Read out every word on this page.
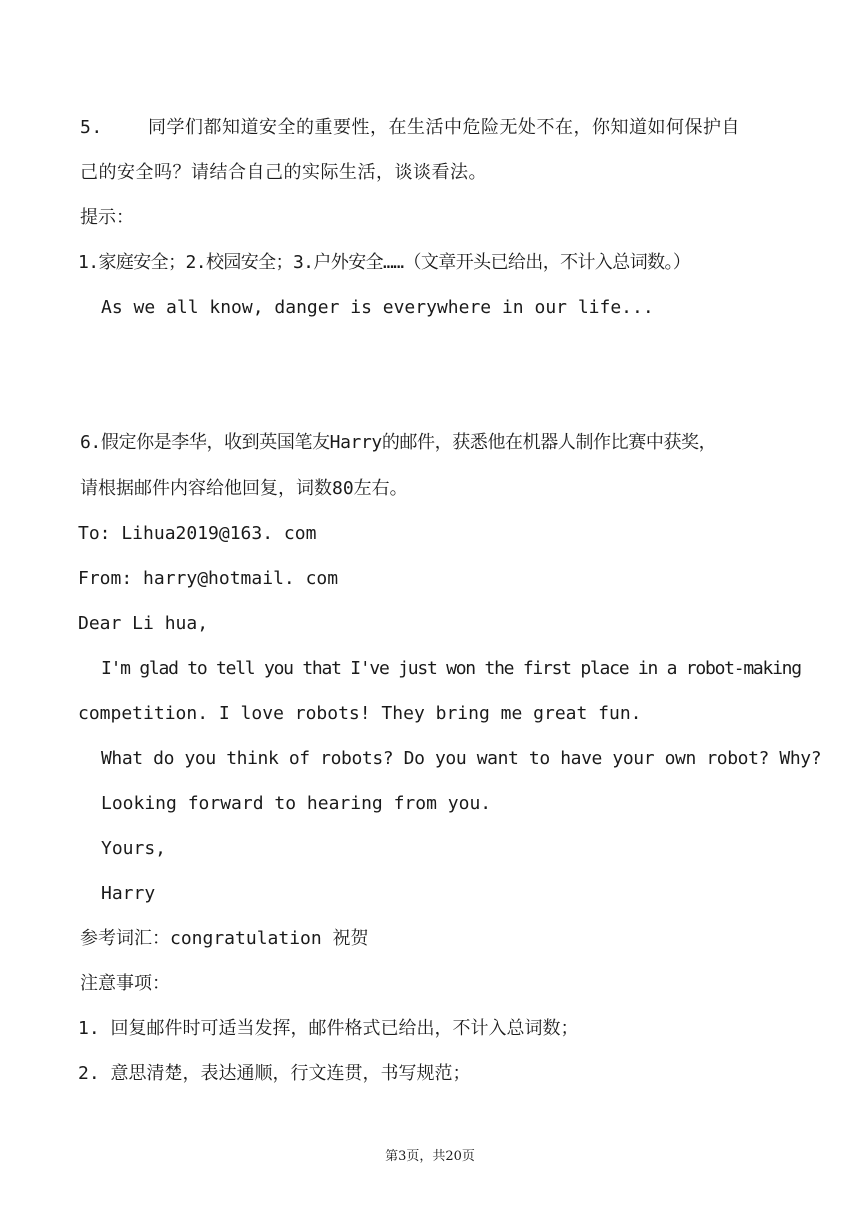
5.    同学们都知道安全的重要性，在生活中危险无处不在，你知道如何保护自
己的安全吗？请结合自己的实际生活，谈谈看法。
提示：
1.家庭安全；2.校园安全；3.户外安全……（文章开头已给出，不计入总词数。）
As we all know, danger is everywhere in our life...
6.假定你是李华，收到英国笔友Harry的邮件，获悉他在机器人制作比赛中获奖，
请根据邮件内容给他回复，词数80左右。
To: Lihua2019@163. com
From: harry@hotmail. com
Dear Li hua,
I'm glad to tell you that I've just won the first place in a robot-making
competition. I love robots! They bring me great fun.
What do you think of robots? Do you want to have your own robot? Why?
Looking forward to hearing from you.
Yours,
Harry
参考词汇：congratulation 祝贺
注意事项：
1. 回复邮件时可适当发挥，邮件格式已给出，不计入总词数；
2. 意思清楚，表达通顺，行文连贯，书写规范；
第3页，共20页
